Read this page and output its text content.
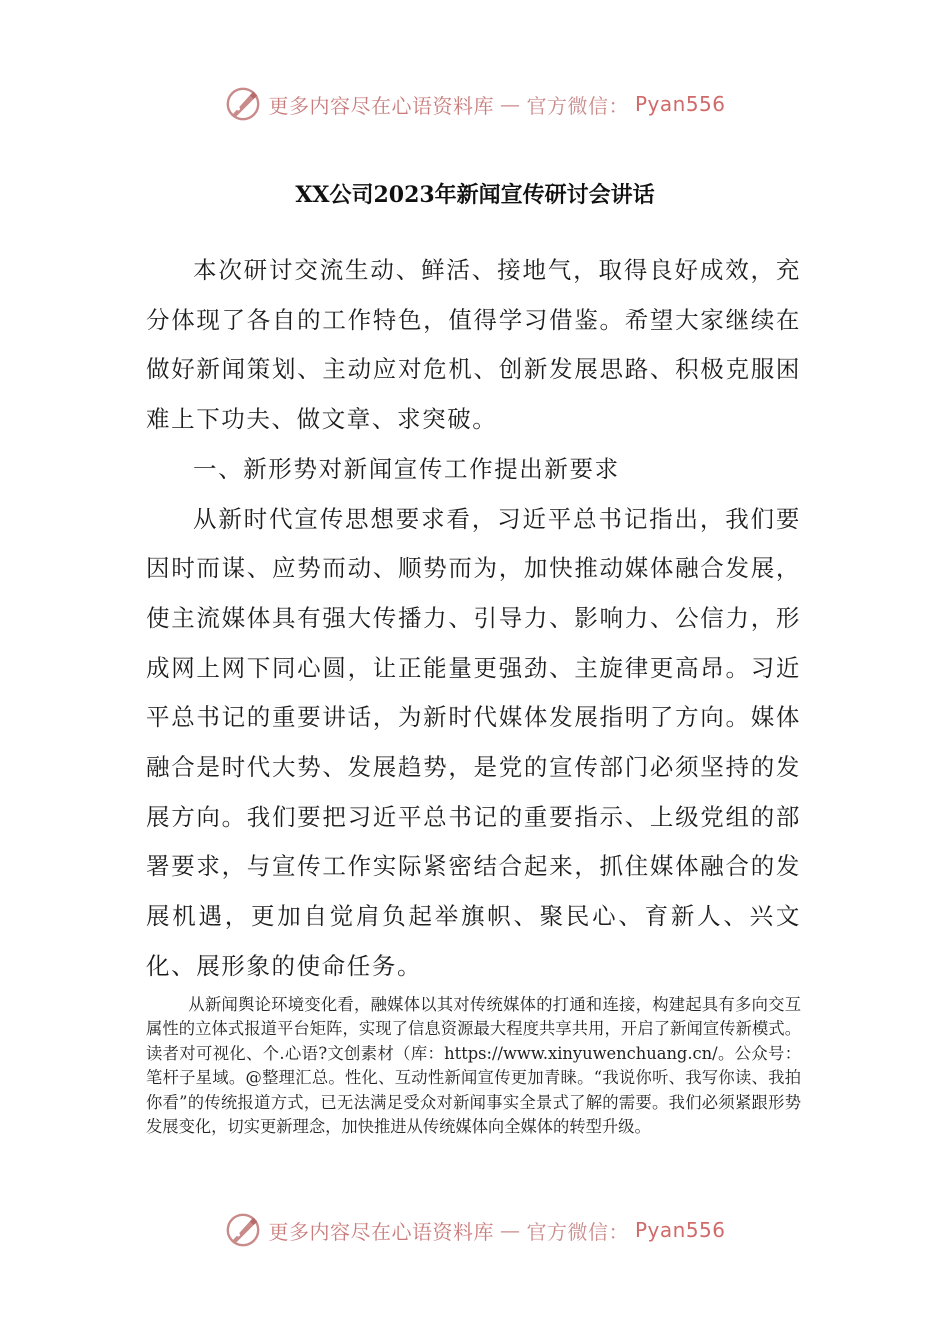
更多内容尽在心语资料库 — 官方微信： Pyan556
XX公司2023年新闻宣传研讨会讲话

本次研讨交流生动、鲜活、接地气，取得良好成效，充分体现了各自的工作特色，值得学习借鉴。希望大家继续在做好新闻策划、主动应对危机、创新发展思路、积极克服困难上下功夫、做文章、求突破。

一、新形势对新闻宣传工作提出新要求

从新时代宣传思想要求看，习近平总书记指出，我们要因时而谋、应势而动、顺势而为，加快推动媒体融合发展，使主流媒体具有强大传播力、引导力、影响力、公信力，形成网上网下同心圆，让正能量更强劲、主旋律更高昂。习近平总书记的重要讲话，为新时代媒体发展指明了方向。媒体融合是时代大势、发展趋势，是党的宣传部门必须坚持的发展方向。我们要把习近平总书记的重要指示、上级党组的部署要求，与宣传工作实际紧密结合起来，抓住媒体融合的发展机遇，更加自觉肩负起举旗帜、聚民心、育新人、兴文化、展形象的使命任务。

从新闻舆论环境变化看，融媒体以其对传统媒体的打通和连接，构建起具有多向交互属性的立体式报道平台矩阵，实现了信息资源最大程度共享共用，开启了新闻宣传新模式。读者对可视化、个.心语?文创素材（库：https://www.xinyuwenchuang.cn/。公众号：笔杆子星域。@整理汇总。性化、互动性新闻宣传更加青睐。“我说你听、我写你读、我拍你看”的传统报道方式，已无法满足受众对新闻事实全景式了解的需要。我们必须紧跟形势发展变化，切实更新理念，加快推进从传统媒体向全媒体的转型升级。
更多内容尽在心语资料库 — 官方微信： Pyan556
